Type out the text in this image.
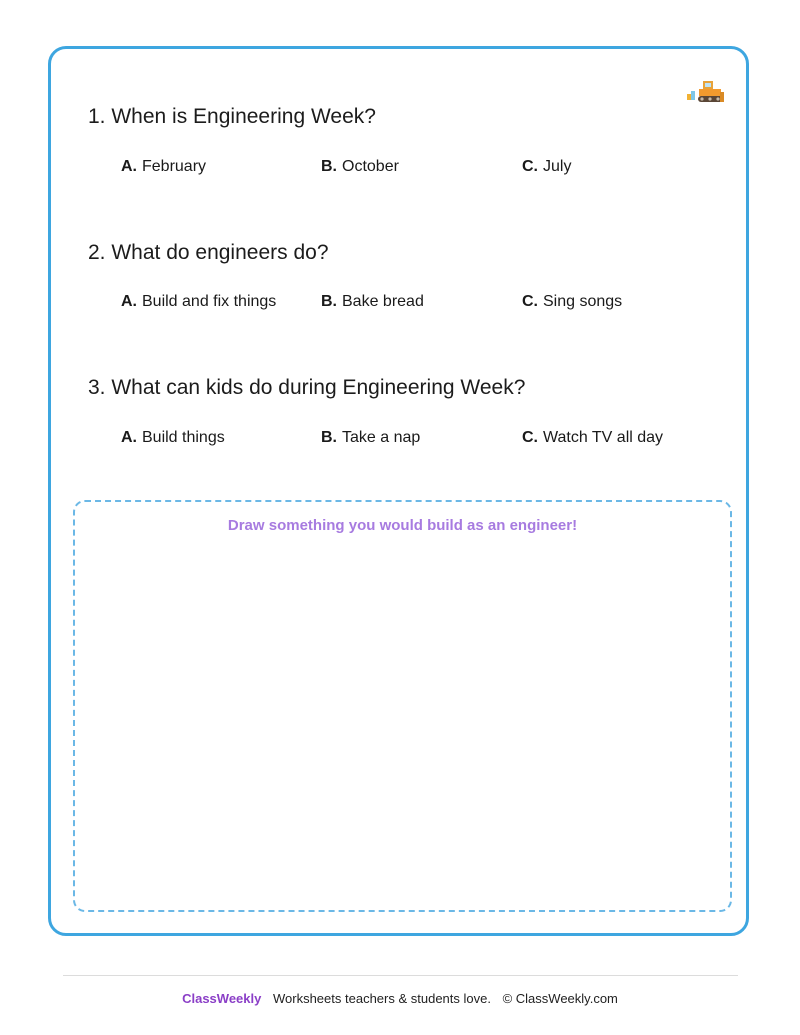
1. When is Engineering Week?
A. February	B. October	C. July
2. What do engineers do?
A. Build and fix things	B. Bake bread	C. Sing songs
3. What can kids do during Engineering Week?
A. Build things	B. Take a nap	C. Watch TV all day
Draw something you would build as an engineer!
ClassWeekly Worksheets teachers & students love. © ClassWeekly.com
